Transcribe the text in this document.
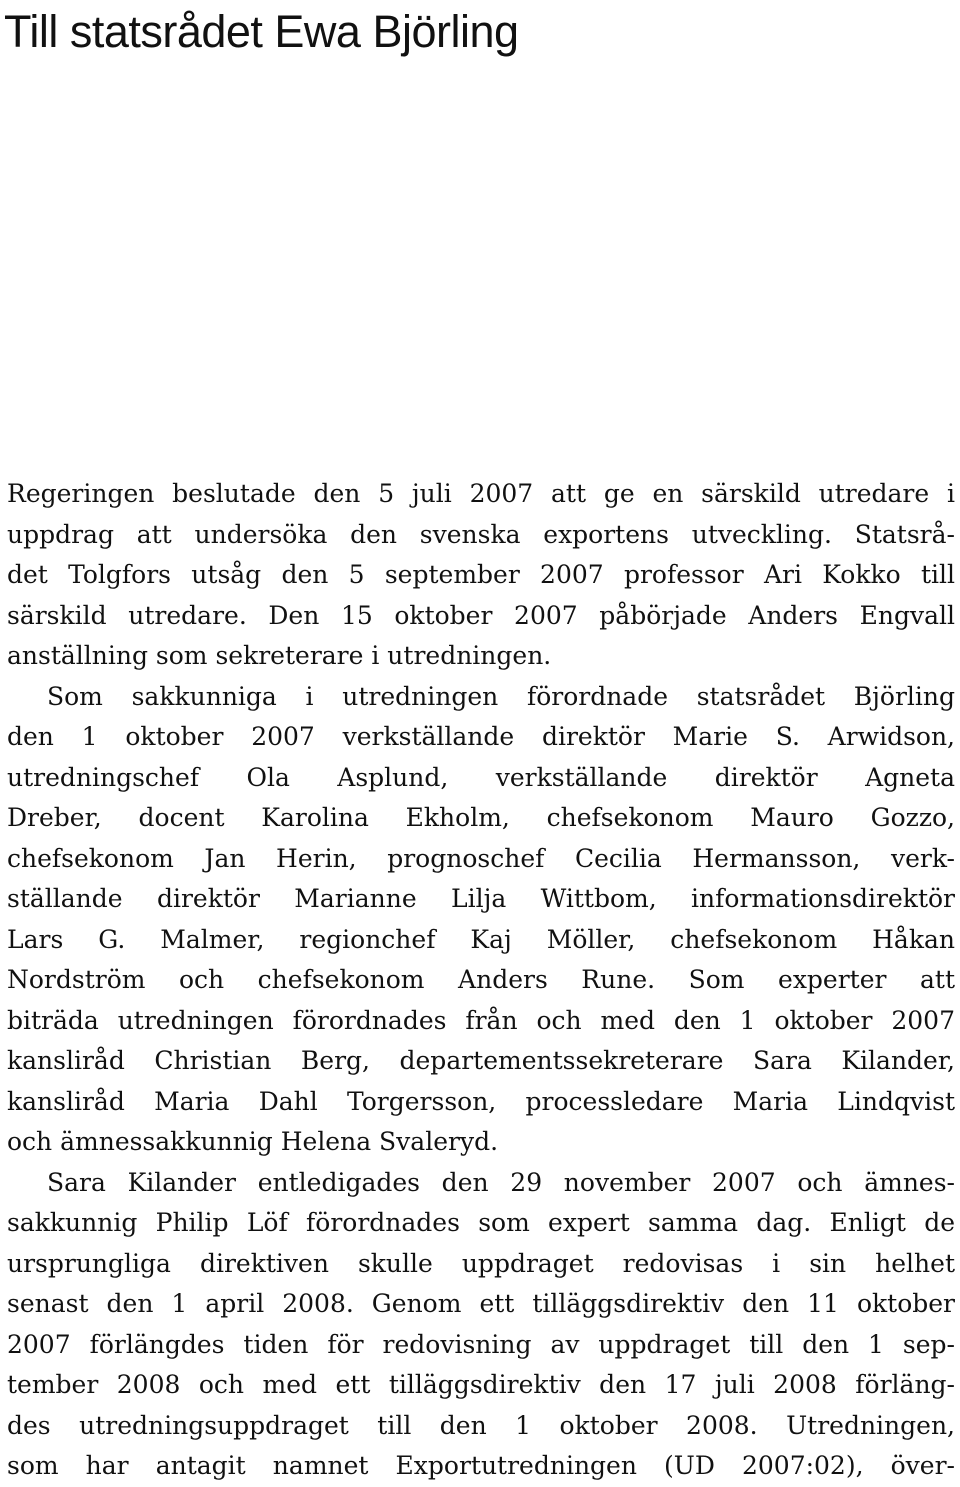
Till statsrådet Ewa Björling
Regeringen beslutade den 5 juli 2007 att ge en särskild utredare i
uppdrag att undersöka den svenska exportens utveckling. Statsrå-
det Tolgfors utsåg den 5 september 2007 professor Ari Kokko till
särskild utredare. Den 15 oktober 2007 påbörjade Anders Engvall
anställning som sekreterare i utredningen.
Som sakkunniga i utredningen förordnade statsrådet Björling
den 1 oktober 2007 verkställande direktör Marie S. Arwidson,
utredningschef Ola Asplund, verkställande direktör Agneta
Dreber, docent Karolina Ekholm, chefsekonom Mauro Gozzo,
chefsekonom Jan Herin, prognoschef Cecilia Hermansson, verk-
ställande direktör Marianne Lilja Wittbom, informationsdirektör
Lars G. Malmer, regionchef Kaj Möller, chefsekonom Håkan
Nordström och chefsekonom Anders Rune. Som experter att
biträda utredningen förordnades från och med den 1 oktober 2007
kansliråd Christian Berg, departementssekreterare Sara Kilander,
kansliråd Maria Dahl Torgersson, processledare Maria Lindqvist
och ämnessakkunnig Helena Svaleryd.
Sara Kilander entledigades den 29 november 2007 och ämnes-
sakkunnig Philip Löf förordnades som expert samma dag. Enligt de
ursprungliga direktiven skulle uppdraget redovisas i sin helhet
senast den 1 april 2008. Genom ett tilläggsdirektiv den 11 oktober
2007 förlängdes tiden för redovisning av uppdraget till den 1 sep-
tember 2008 och med ett tilläggsdirektiv den 17 juli 2008 förläng-
des utredningsuppdraget till den 1 oktober 2008. Utredningen,
som har antagit namnet Exportutredningen (UD 2007:02), över-
